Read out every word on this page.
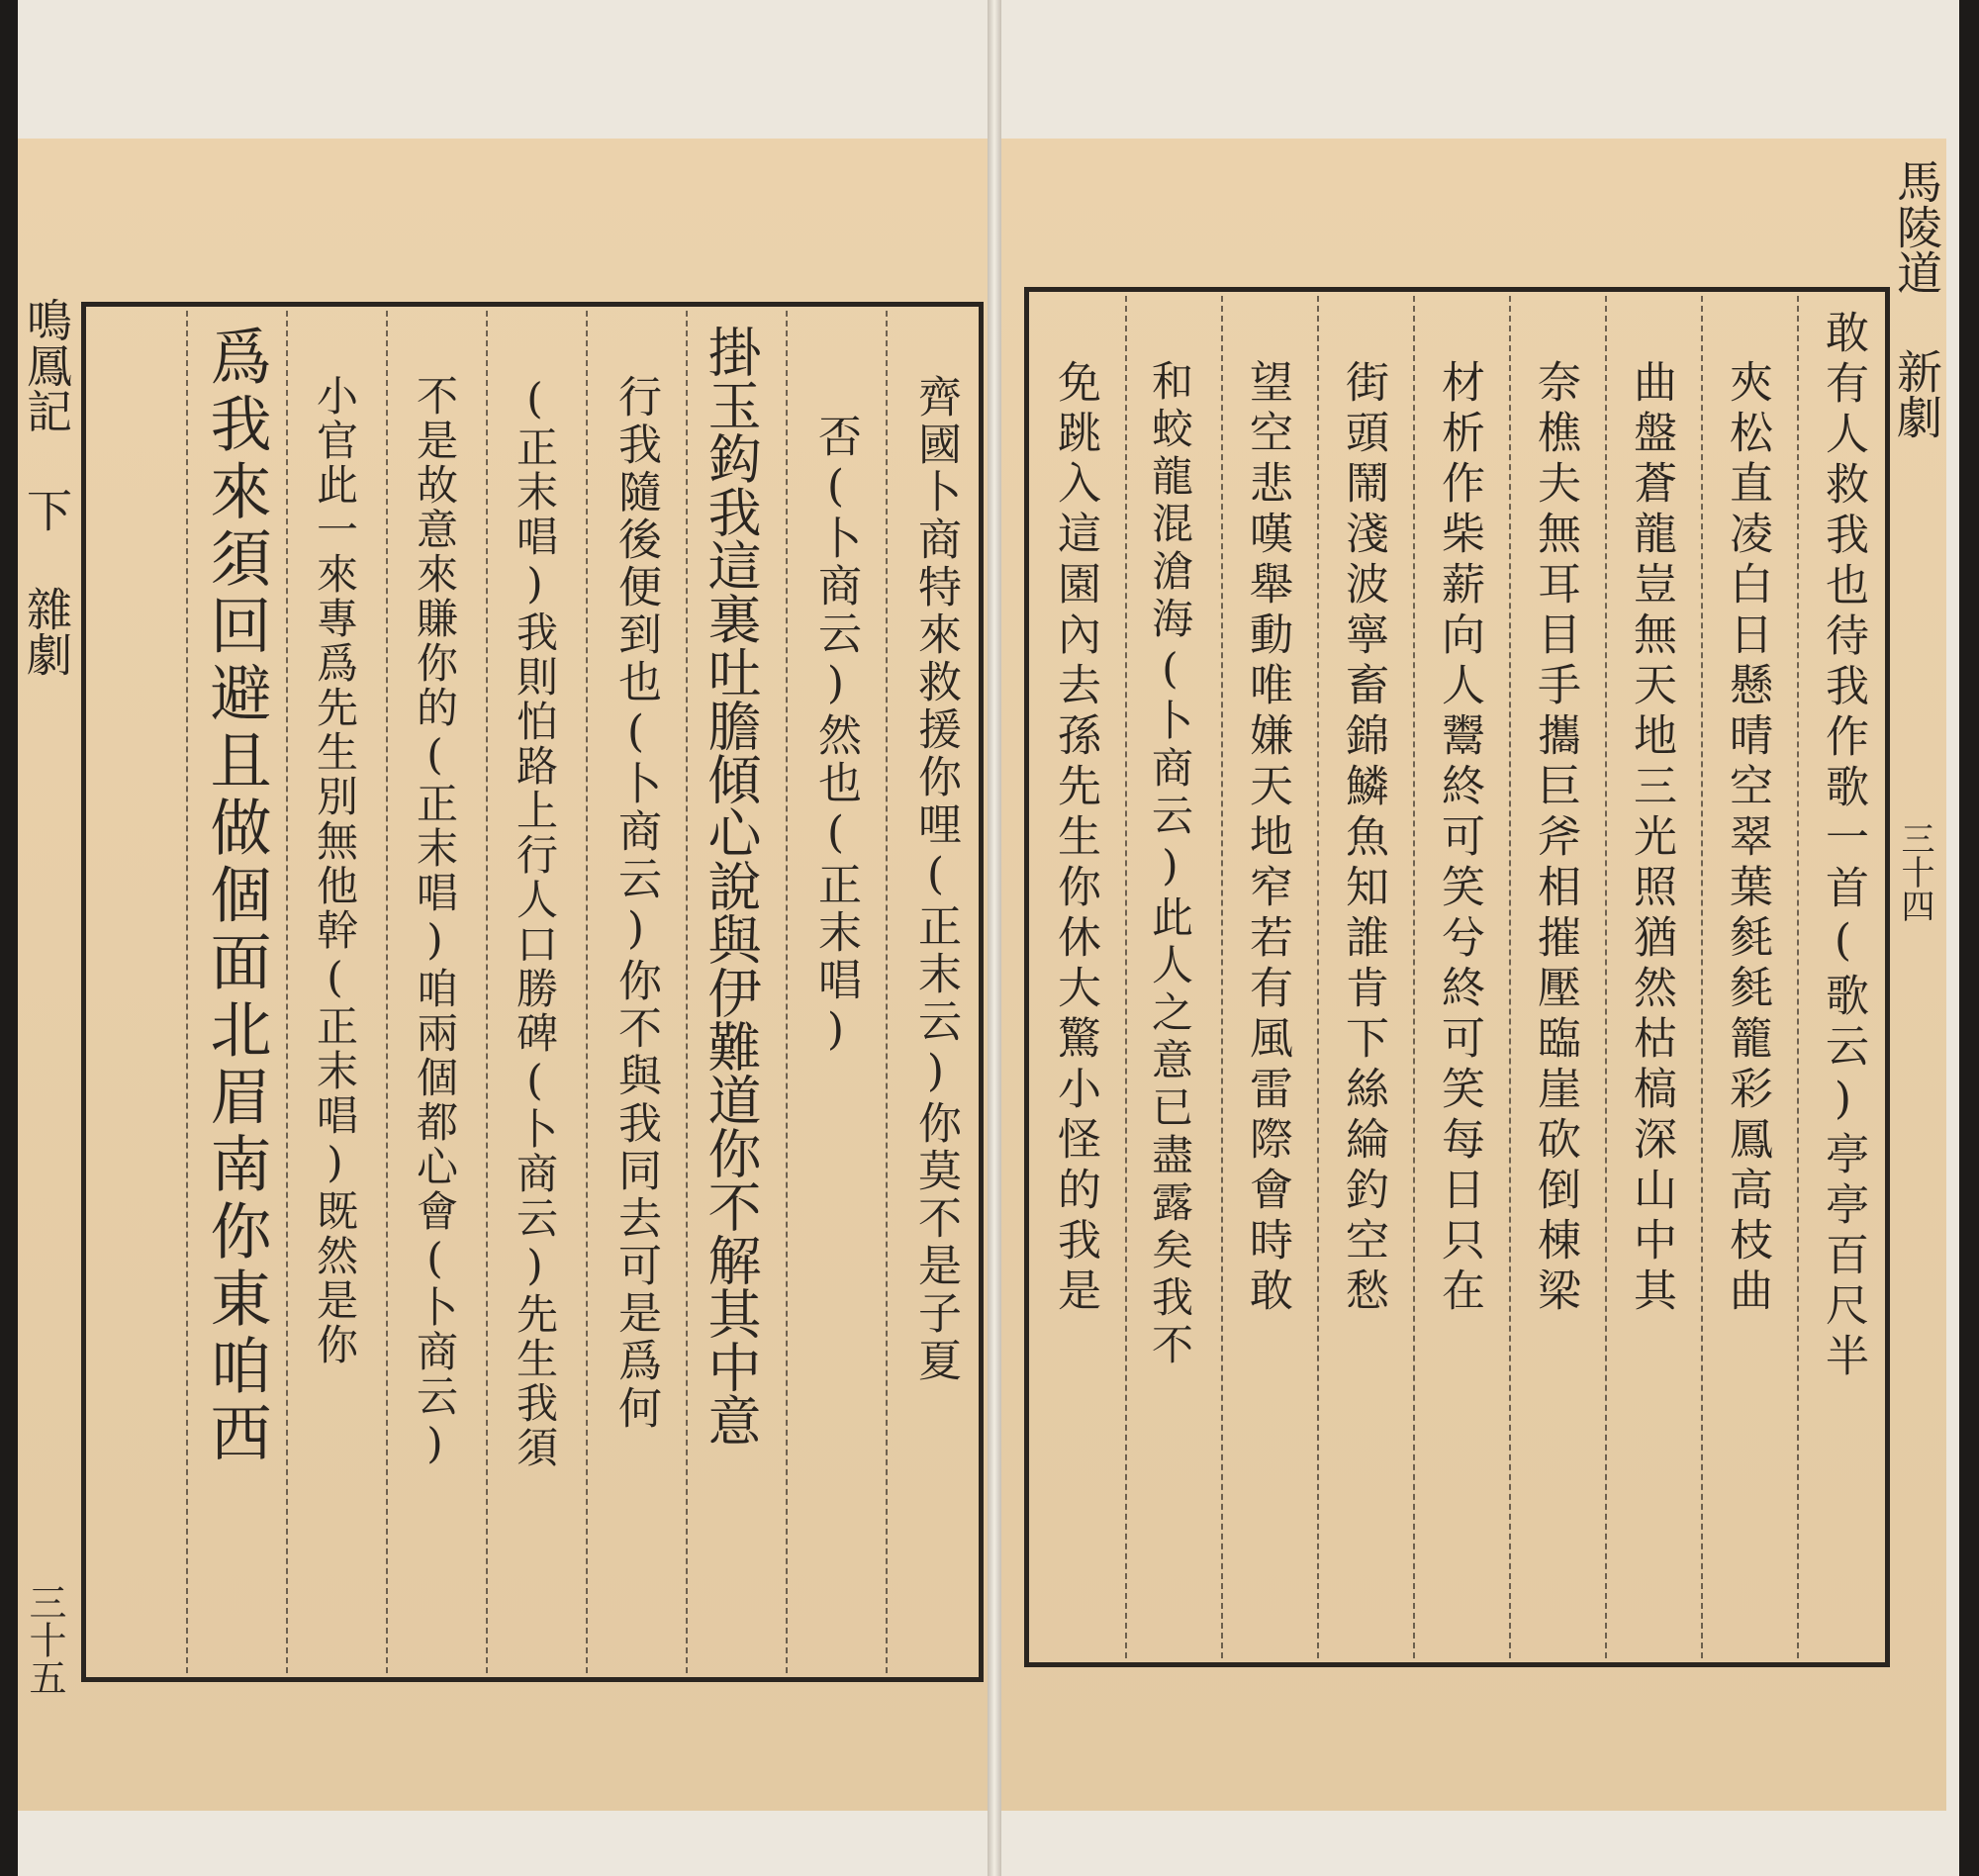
鳴鳳記 下 雜劇
三十五
齊國卜商特來救援你哩(正末云)你莫不是子夏
否(卜商云)然也(正末唱)
掛玉鈎我這裏吐膽傾心說與伊難道你不解其中意
行我隨後便到也(卜商云)你不與我同去可是爲何
(正末唱)我則怕路上行人口勝碑(卜商云)先生我須
不是故意來賺你的(正末唱)咱兩個都心會(卜商云)
小官此一來專爲先生別無他幹(正末唱)既然是你
爲我來須回避且做個面北眉南你東咱西
馬陵道 新劇
三十四
敢有人救我也待我作歌一首(歌云)亭亭百尺半
夾松直凌白日懸晴空翠葉毵毵籠彩鳳高枝曲
曲盤蒼龍豈無天地三光照猶然枯槁深山中其
奈樵夫無耳目手攜巨斧相摧壓臨崖砍倒棟梁
材析作柴薪向人鬻終可笑兮終可笑每日只在
街頭鬧淺波寧畜錦鱗魚知誰肯下絲綸釣空愁
望空悲嘆舉動唯嫌天地窄若有風雷際會時敢
和蛟龍混滄海(卜商云)此人之意已盡露矣我不
免跳入這園內去孫先生你休大驚小怪的我是
